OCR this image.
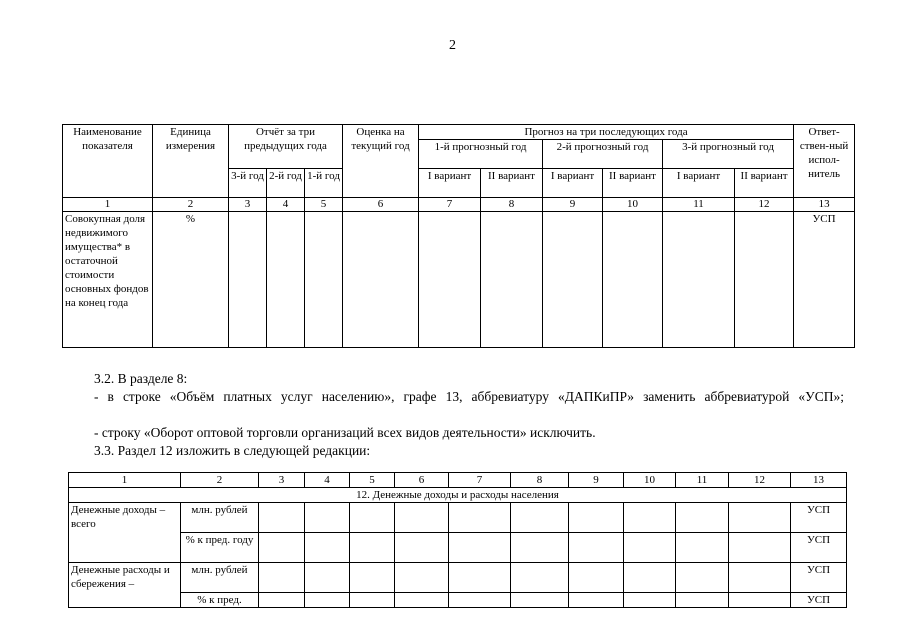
2
Наименование показателя	Единица измерения	Отчёт за три предыдущих года			Оценка на текущий год	Прогноз на три последующих года						Ответ-ствен-ный испол-нитель
						1-й прогнозный год		2-й прогнозный год		3-й прогнозный год		
		3-й год	2-й год	1-й год		I вариант	II вариант	I вариант	II вариант	I вариант	II вариант	
1	2	3	4	5	6	7	8	9	10	11	12	13
Совокупная доля недвижимого имущества* в остаточной стоимости основных фондов на конец года	%											УСП
3.2. В разделе 8:
- в строке «Объём платных услуг населению», графе 13, аббревиатуру «ДАПКиПР» заменить аббревиатурой «УСП»;
- строку «Оборот оптовой торговли организаций всех видов деятельности» исключить.
3.3. Раздел 12 изложить в следующей редакции:
1	2	3	4	5	6	7	8	9	10	11	12	13
12. Денежные доходы и расходы населения												
Денежные доходы – всего	млн. рублей											УСП
	% к пред. году											УСП
Денежные расходы и сбережения –	млн. рублей											УСП
	% к пред.											УСП
